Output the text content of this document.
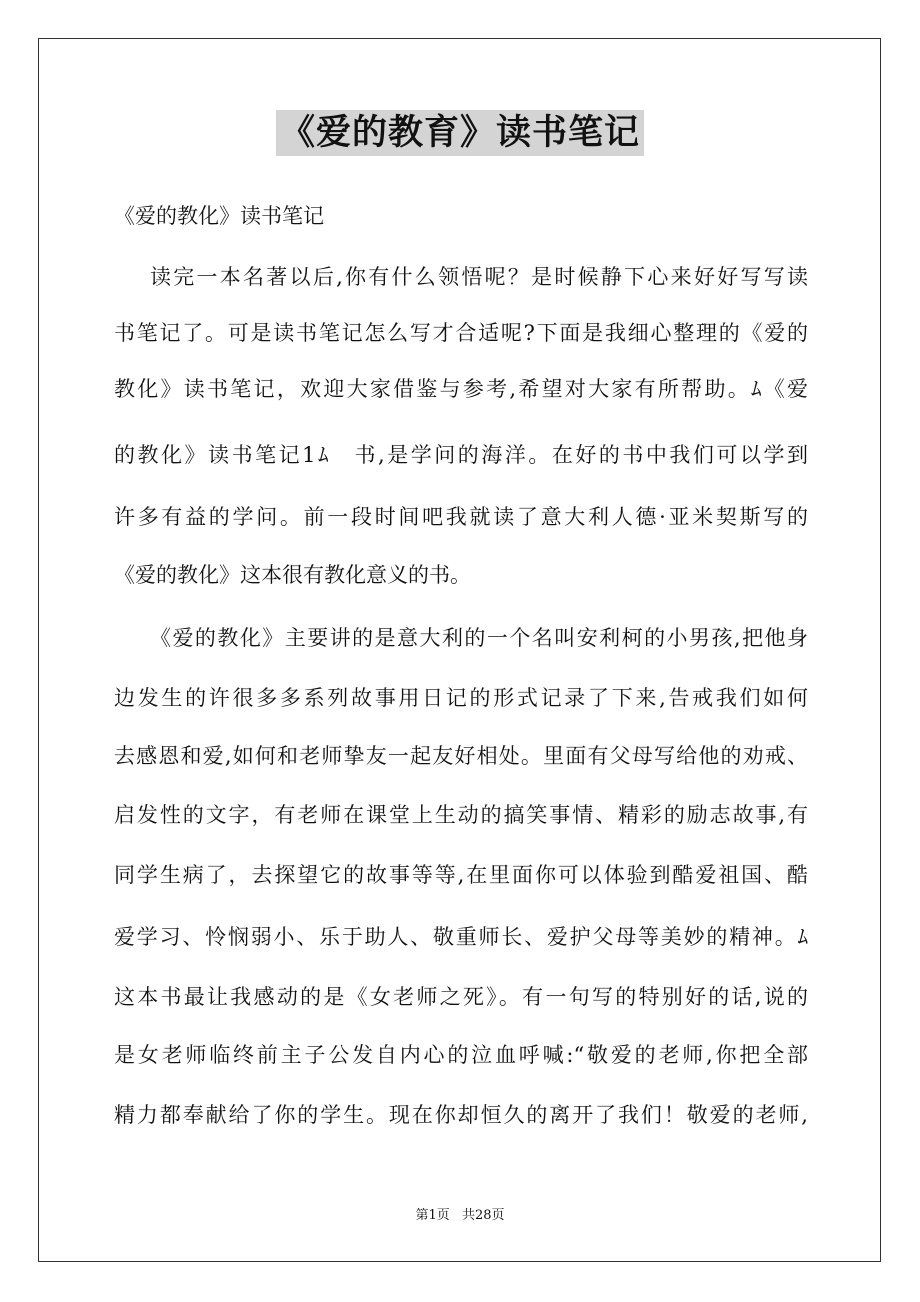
《爱的教育》读书笔记
《爱的教化》读书笔记
读完一本名著以后,你有什么领悟呢？是时候静下心来好好写写读
书笔记了。可是读书笔记怎么写才合适呢?下面是我细心整理的《爱的
教化》读书笔记，欢迎大家借鉴与参考,希望对大家有所帮助。ﾑ《爱
的教化》读书笔记1ﾑ　书,是学问的海洋。在好的书中我们可以学到
许多有益的学问。前一段时间吧我就读了意大利人德·亚米契斯写的
《爱的教化》这本很有教化意义的书。
《爱的教化》主要讲的是意大利的一个名叫安利柯的小男孩,把他身
边发生的许很多多系列故事用日记的形式记录了下来,告戒我们如何
去感恩和爱,如何和老师挚友一起友好相处。里面有父母写给他的劝戒、
启发性的文字，有老师在课堂上生动的搞笑事情、精彩的励志故事,有
同学生病了，去探望它的故事等等,在里面你可以体验到酷爱祖国、酷
爱学习、怜悯弱小、乐于助人、敬重师长、爱护父母等美妙的精神。ﾑ
这本书最让我感动的是《女老师之死》。有一句写的特别好的话,说的
是女老师临终前主子公发自内心的泣血呼喊:“敬爱的老师,你把全部
精力都奉献给了你的学生。现在你却恒久的离开了我们！敬爱的老师,
第1页 共28页
